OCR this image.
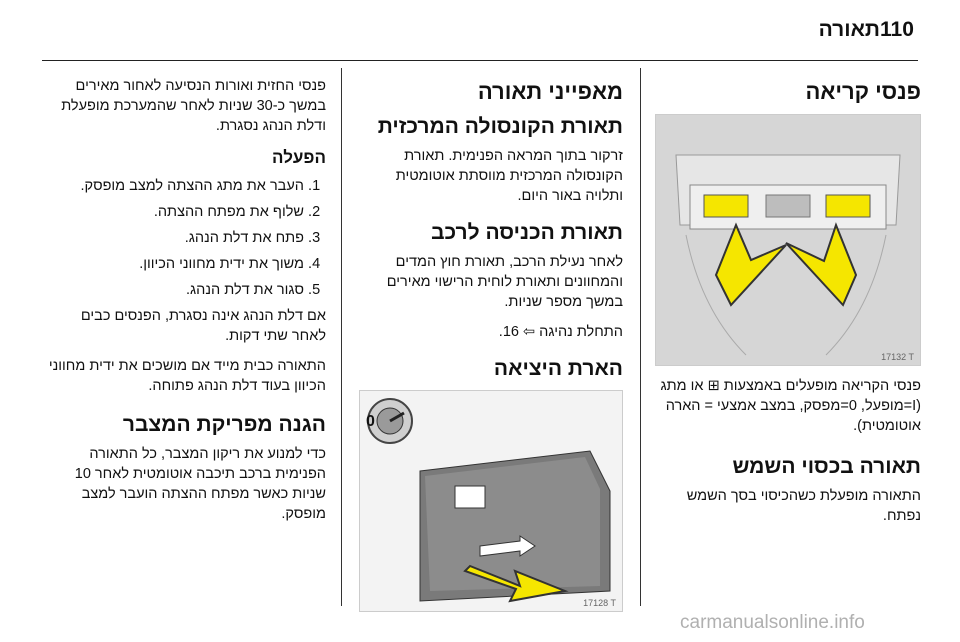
תאורה 110
פנסי קריאה
17132 T

פנסי הקריאה מופעלים באמצעות ⊞ או מתג (I=מופעל, 0=מפסק, במצב אמצעי = הארה אוטומטית).

תאורה בכסוי השמש

התאורה מופעלת כשהכיסוי בסך השמש נפתח.

מאפייני תאורה
תאורת הקונסולה המרכזית

זרקור בתוך המראה הפנימית. תאורת הקונסולה המרכזית מווסתת אוטומטית ותלויה באור היום.

תאורת הכניסה לרכב

לאחר נעילת הרכב, תאורת חוץ המדים והמחוונים ותאורת לוחית הרישוי מאירים במשך מספר שניות.

התחלת נהיגה ⇦ 16.

הארת היציאה
0
17128 T

פנסי החזית ואורות הנסיעה לאחור מאירים במשך כ-30 שניות לאחר שהמערכת מופעלת ודלת הנהג נסגרת.

הפעלה
1. העבר את מתג ההצתה למצב מופסק.
2. שלוף את מפתח ההצתה.
3. פתח את דלת הנהג.
4. משוך את ידית מחווני הכיוון.
5. סגור את דלת הנהג.

אם דלת הנהג אינה נסגרת, הפנסים כבים לאחר שתי דקות.

התאורה כבית מייד אם מושכים את ידית מחווני הכיוון בעוד דלת הנהג פתוחה.

הגנה מפריקת המצבר

כדי למנוע את ריקון המצבר, כל התאורה הפנימית ברכב תיכבה אוטומטית לאחר 10 שניות כאשר מפתח ההצתה הועבר למצב מופסק.

carmanualsonline.info
